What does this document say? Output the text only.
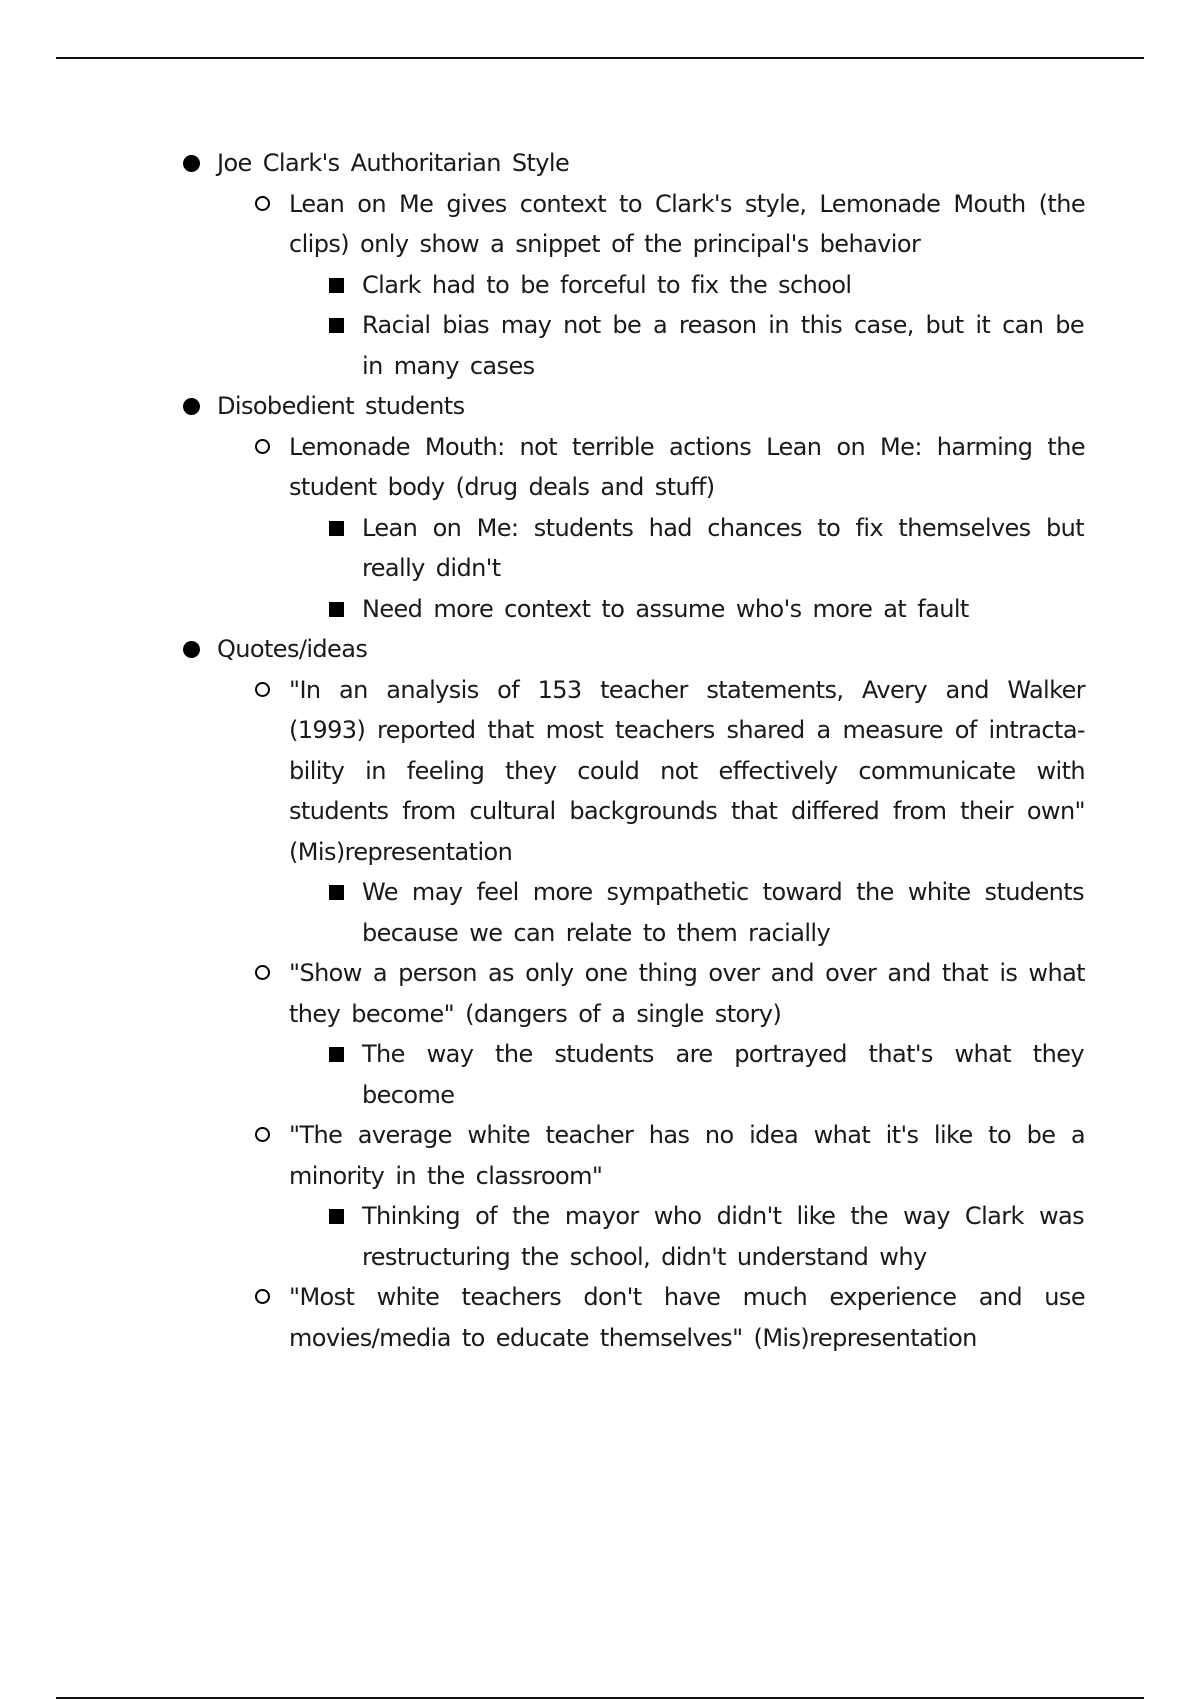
Joe Clark's Authoritarian Style
Lean on Me gives context to Clark's style, Lemonade Mouth (the clips) only show a snippet of the principal's behavior
Clark had to be forceful to fix the school
Racial bias may not be a reason in this case, but it can be in many cases
Disobedient students
Lemonade Mouth: not terrible actions Lean on Me: harming the student body (drug deals and stuff)
Lean on Me: students had chances to fix themselves but really didn't
Need more context to assume who's more at fault
Quotes/ideas
"In an analysis of 153 teacher statements, Avery and Walker (1993) reported that most teachers shared a measure of intracta-bility in feeling they could not effectively communicate with students from cultural backgrounds that differed from their own" (Mis)representation
We may feel more sympathetic toward the white students because we can relate to them racially
"Show a person as only one thing over and over and that is what they become" (dangers of a single story)
The way the students are portrayed that's what they become
"The average white teacher has no idea what it's like to be a minority in the classroom"
Thinking of the mayor who didn't like the way Clark was restructuring the school, didn't understand why
"Most white teachers don't have much experience and use movies/media to educate themselves" (Mis)representation
